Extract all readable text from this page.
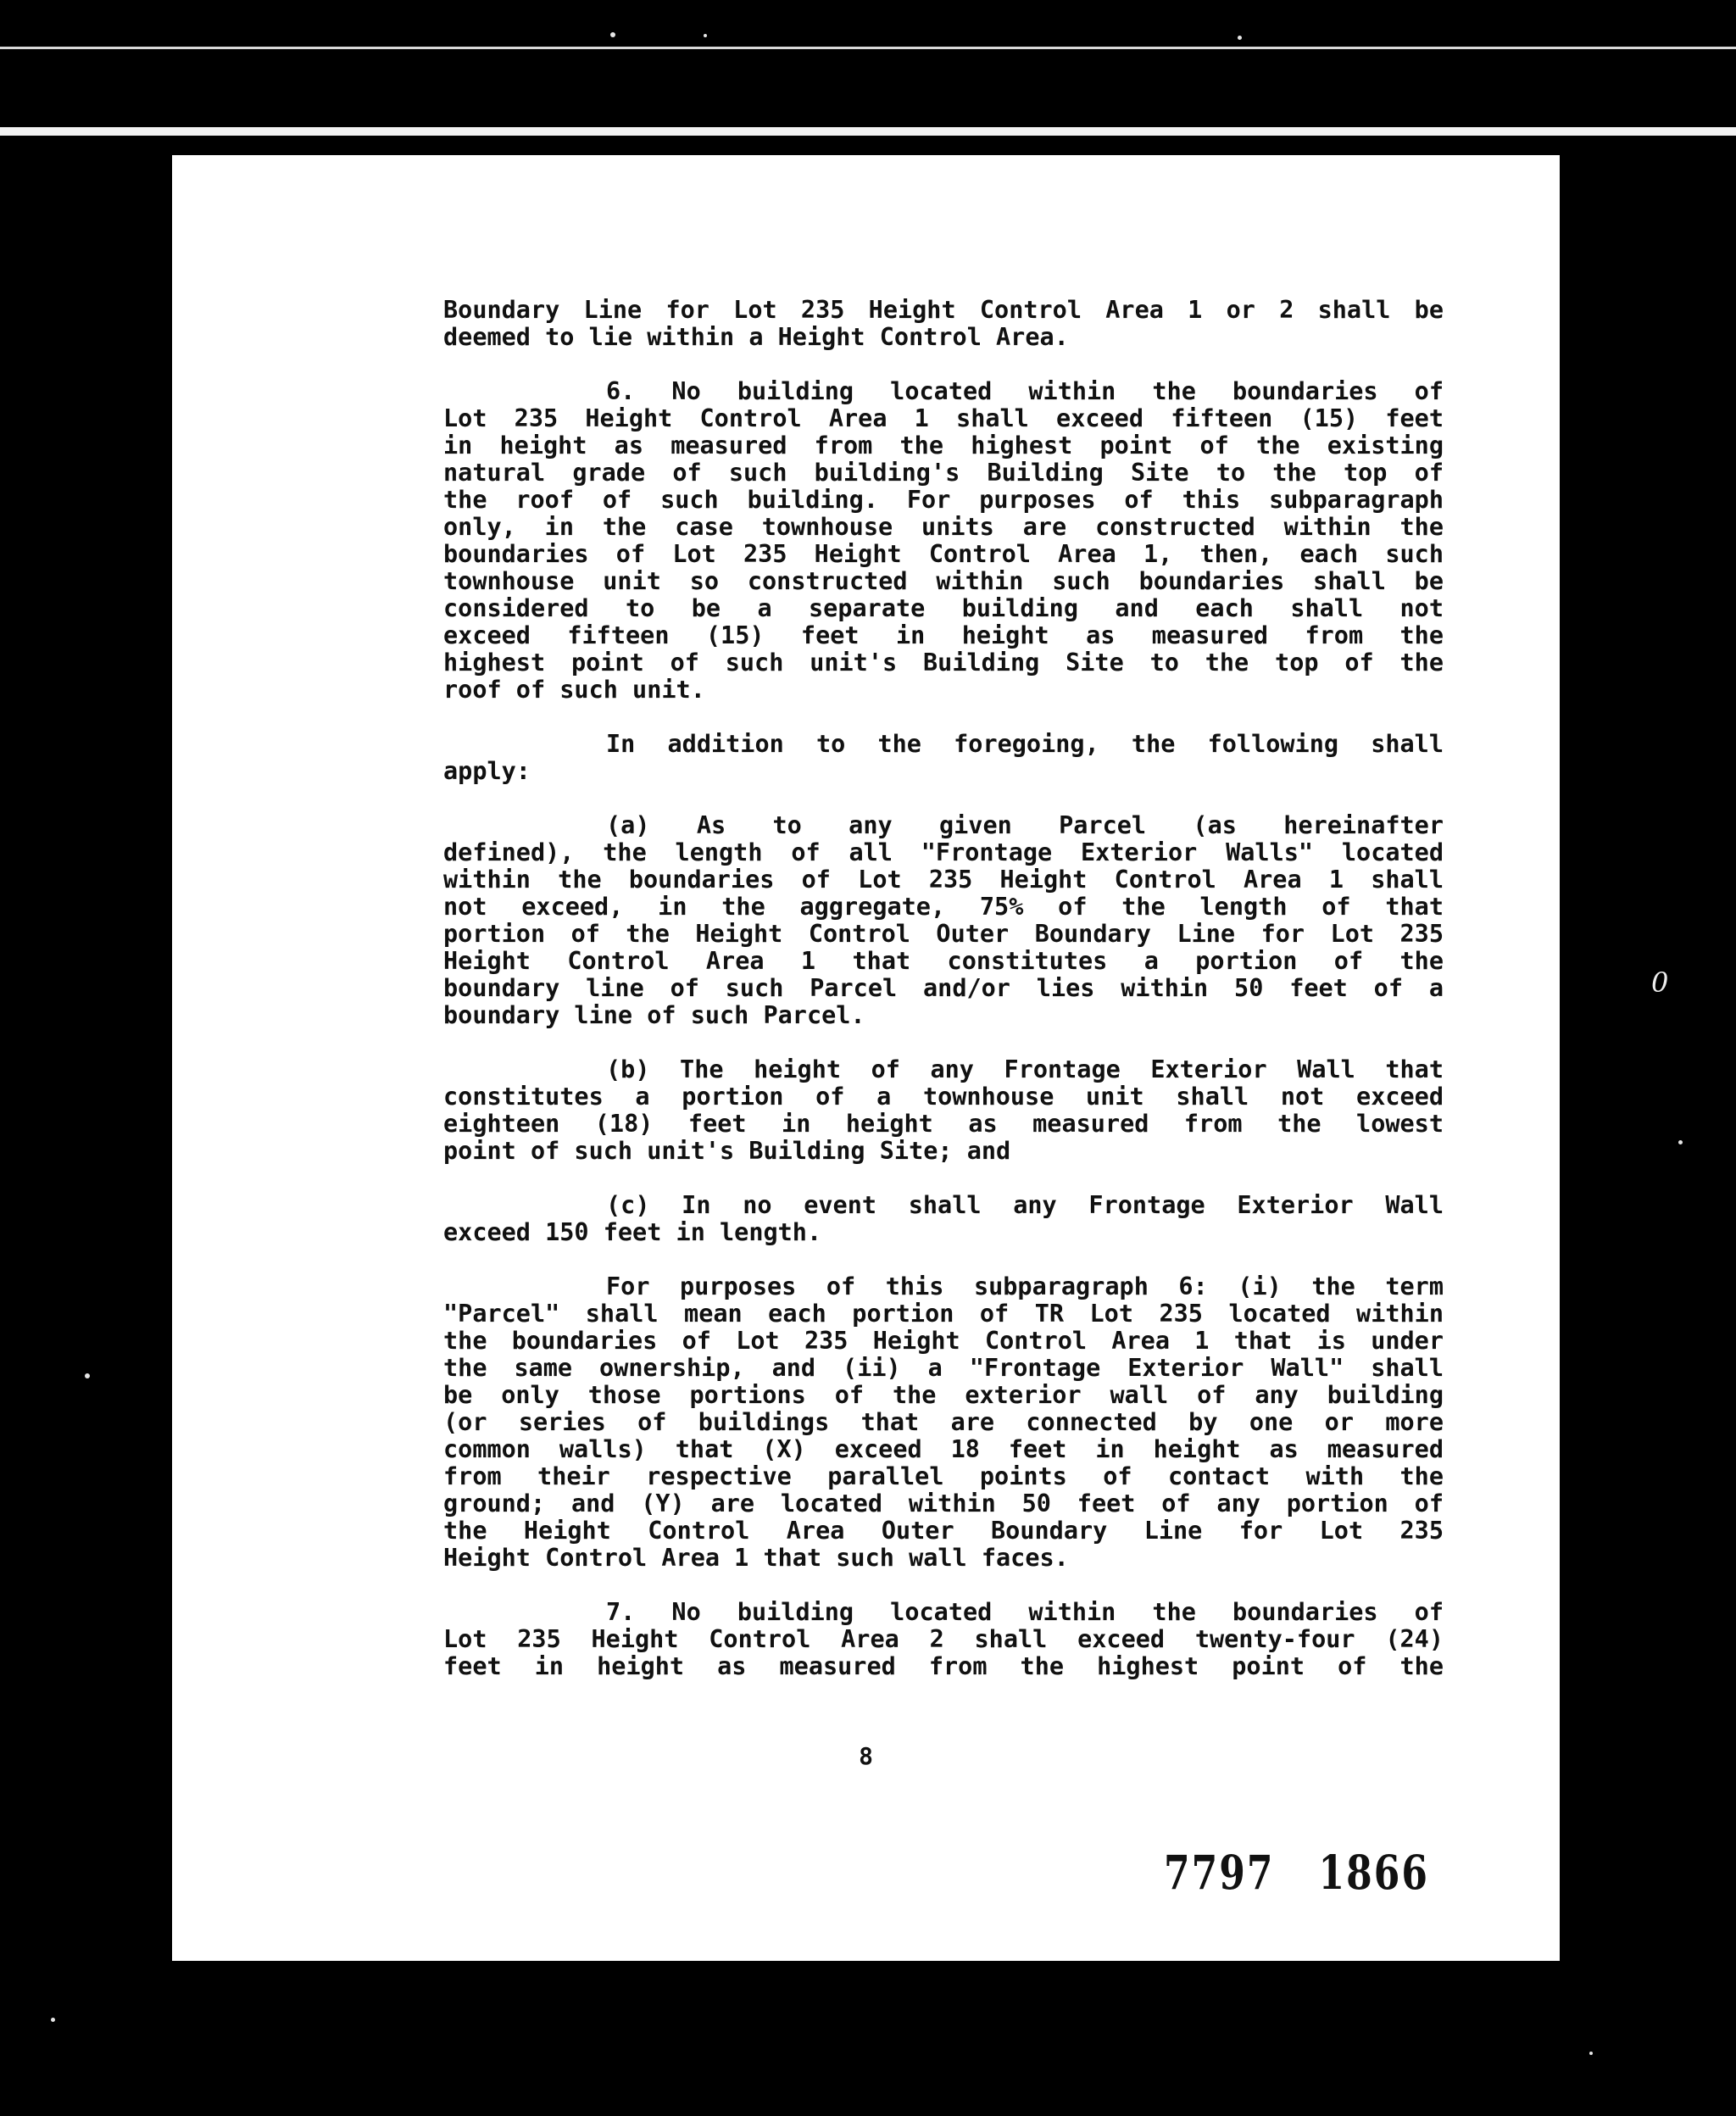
0
Boundary Line for Lot 235 Height Control Area 1 or 2 shall be
deemed to lie within a Height Control Area.
6. No building located within the boundaries of
Lot 235 Height Control Area 1 shall exceed fifteen (15) feet
in height as measured from the highest point of the existing
natural grade of such building's Building Site to the top of
the roof of such building. For purposes of this subparagraph
only, in the case townhouse units are constructed within the
boundaries of Lot 235 Height Control Area 1, then, each such
townhouse unit so constructed within such boundaries shall be
considered to be a separate building and each shall not
exceed fifteen (15) feet in height as measured from the
highest point of such unit's Building Site to the top of the
roof of such unit.
In addition to the foregoing, the following shall
apply:
(a) As to any given Parcel (as hereinafter
defined), the length of all "Frontage Exterior Walls" located
within the boundaries of Lot 235 Height Control Area 1 shall
not exceed, in the aggregate, 75% of the length of that
portion of the Height Control Outer Boundary Line for Lot 235
Height Control Area 1 that constitutes a portion of the
boundary line of such Parcel and/or lies within 50 feet of a
boundary line of such Parcel.
(b) The height of any Frontage Exterior Wall that
constitutes a portion of a townhouse unit shall not exceed
eighteen (18) feet in height as measured from the lowest
point of such unit's Building Site; and
(c) In no event shall any Frontage Exterior Wall
exceed 150 feet in length.
For purposes of this subparagraph 6: (i) the term
"Parcel" shall mean each portion of TR Lot 235 located within
the boundaries of Lot 235 Height Control Area 1 that is under
the same ownership, and (ii) a "Frontage Exterior Wall" shall
be only those portions of the exterior wall of any building
(or series of buildings that are connected by one or more
common walls) that (X) exceed 18 feet in height as measured
from their respective parallel points of contact with the
ground; and (Y) are located within 50 feet of any portion of
the Height Control Area Outer Boundary Line for Lot 235
Height Control Area 1 that such wall faces.
7. No building located within the boundaries of
Lot 235 Height Control Area 2 shall exceed twenty-four (24)
feet in height as measured from the highest point of the
8
7797 1866
